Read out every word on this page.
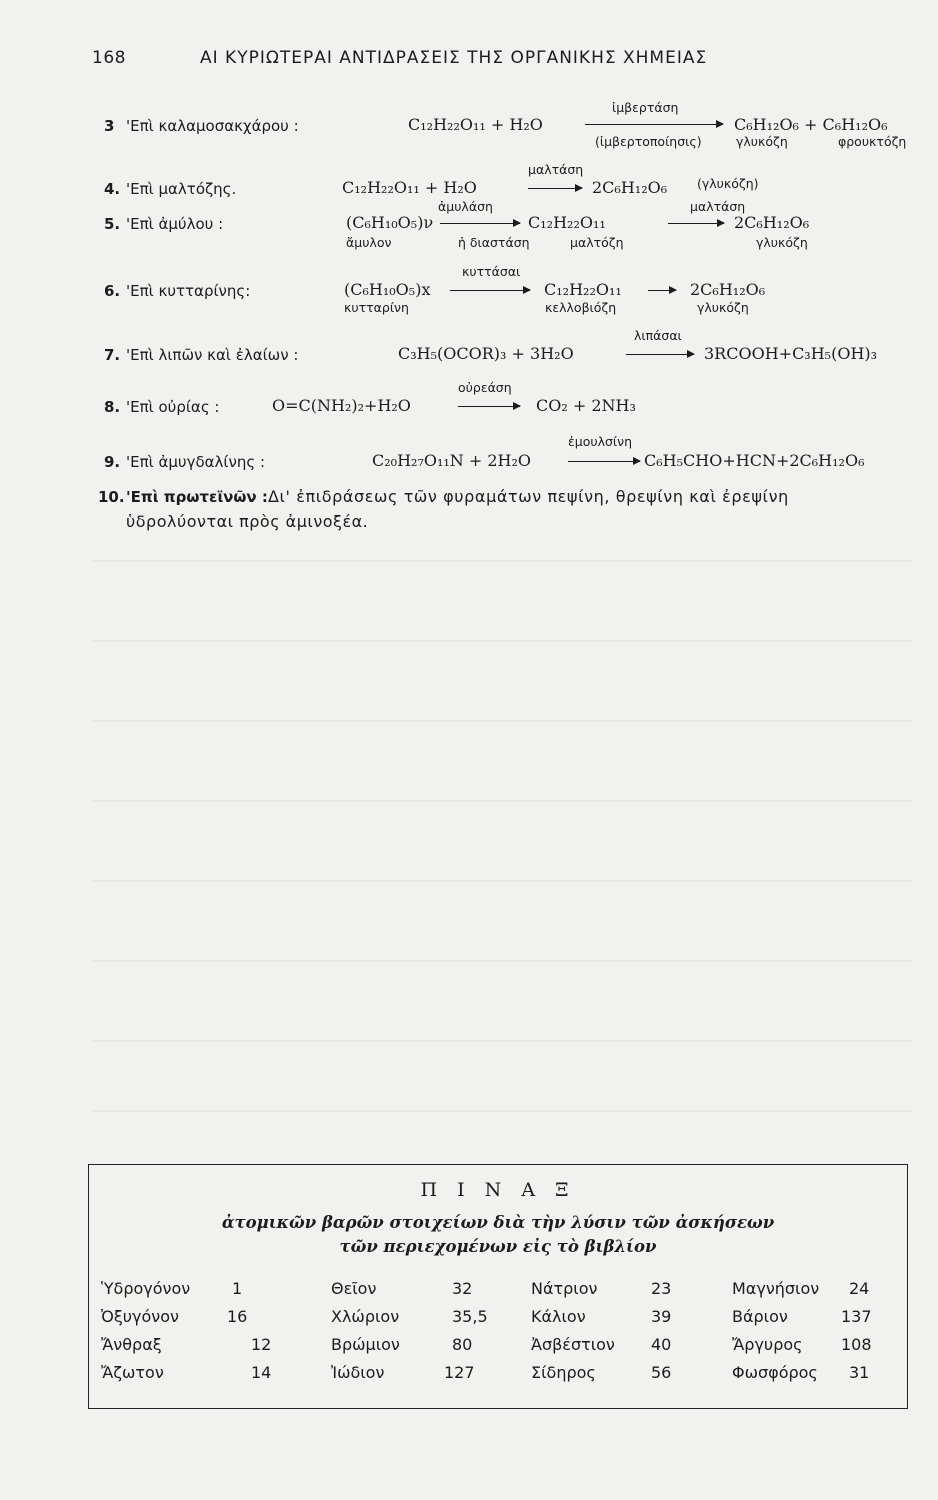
168	ΑΙ ΚΥΡΙΩΤΕΡΑΙ ΑΝΤΙΔΡΑΣΕΙΣ ΤΗΣ ΟΡΓΑΝΙΚΗΣ ΧΗΜΕΙΑΣ
ἰμβερτάση
3 'Επὶ καλαμοσακχάρου :	C₁₂H₂₂O₁₁ + H₂O	C₆H₁₂O₆ + C₆H₁₂O₆
(ἰμβερτοποίησις)	γλυκόζη	φρουκτόζη
μαλτάση
4. 'Επὶ μαλτόζης.	C₁₂H₂₂O₁₁ + H₂O	→ 2C₆H₁₂O₆ (γλυκόζη)
ἀμυλάση	μαλτάση
5. 'Επὶ ἀμύλου :	(C₆H₁₀O₅)ν	C₁₂H₂₂O₁₁	→ 2C₆H₁₂O₆
ἄμυλον	ἡ διαστάση	μαλτόζη	γλυκόζη
κυττάσαι
6. 'Επὶ κυτταρίνης:	(C₆H₁₀O₅)x	C₁₂H₂₂O₁₁ → 2C₆H₁₂O₆
κυτταρίνη	κελλοβιόζη	γλυκόζη
λιπάσαι
7. 'Επὶ λιπῶν καὶ ἐλαίων :	C₃H₅(OCOR)₃ + 3H₂O	3RCOOH+C₃H₅(OH)₃
οὐρεάση
8. 'Επὶ οὐρίας :	O=C(NH₂)₂+H₂O	→ CO₂ + 2NH₃
ἐμουλσίνη
9. 'Επὶ ἀμυγδαλίνης :	C₂₀H₂₇O₁₁N + 2H₂O	C₆H₅CHO+HCN+2C₆H₁₂O₆
10. 'Επὶ πρωτεϊνῶν : Δι' ἐπιδράσεως τῶν φυραμάτων πεψίνη, θρεψίνη καὶ ἐρεψίνη
ὑδρολύονται πρὸς ἀμινοξέα.
Π Ι Ν Α Ξ
ἀτομικῶν βαρῶν στοιχείων διὰ τὴν λύσιν τῶν ἀσκήσεων
τῶν περιεχομένων εἰς τὸ βιβλίον
Ὑδρογόνον	1	Θεῖον	32	Νάτριον	23	Μαγνήσιον 24
Ὀξυγόνον	16	Χλώριον	35,5	Κάλιον	39	Βάριον	137
Ἄνθραξ	12	Βρώμιον	80	Ἀσβέστιον 40	Ἄργυρος 108
Ἄζωτον	14	Ἰώδιον	127	Σίδηρος	56	Φωσφόρος 31
